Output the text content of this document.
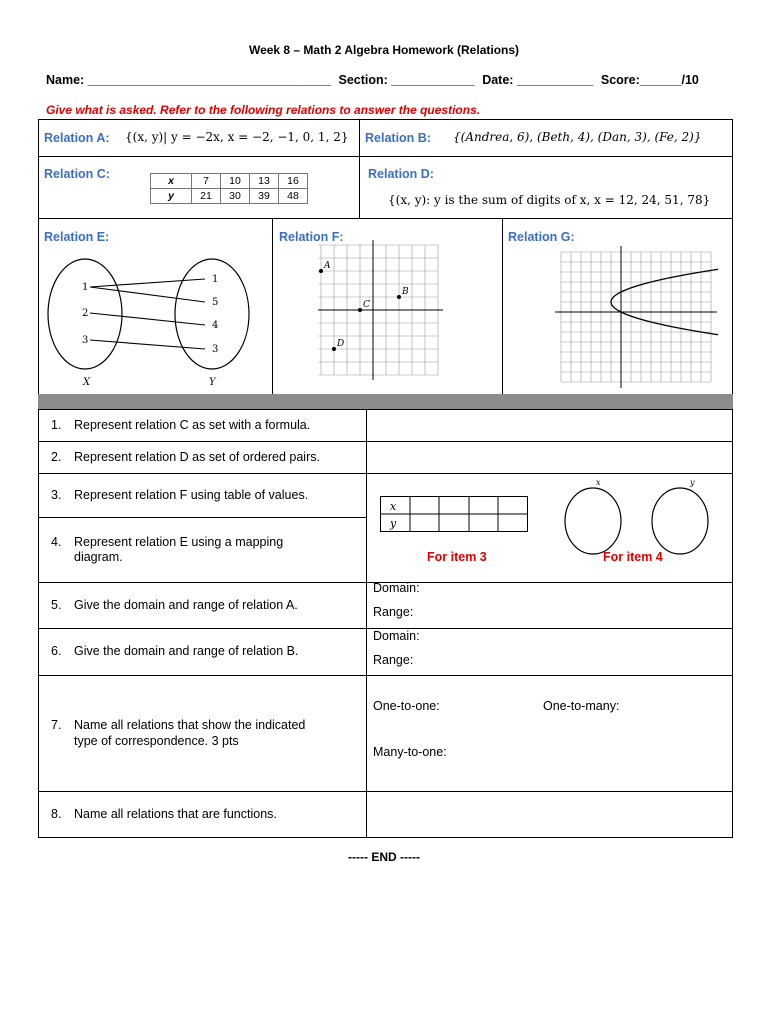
Week 8 – Math 2 Algebra Homework (Relations)
Name: ___________________________________ Section: ____________ Date: ___________ Score:______/10
Give what is asked. Refer to the following relations to answer the questions.
Relation A: {(x, y)| y = −2x, x = −2, −1, 0, 1, 2} Relation B: {(Andrea, 6), (Beth, 4), (Dan, 3), (Fe, 2)}
Relation C:	x	7	10	13	16
y	21	30	39	48
Relation D:
{(x, y): y is the sum of digits of x, x = 12, 24, 51, 78}
Relation E:	Relation F:	Relation G:
1
2
3
1
5
4
3
X	Y
A
B
C
D
1. Represent relation C as set with a formula.
2. Represent relation D as set of ordered pairs.
3. Represent relation F using table of values.
4. Represent relation E using a mapping
diagram.
5. Give the domain and range of relation A.
6. Give the domain and range of relation B.
7. Name all relations that show the indicated
type of correspondence. 3 pts
8. Name all relations that are functions.
x
y
For item 3
x	y
For item 4
Domain:
Range:
Domain:
Range:
One-to-one:	One-to-many:
Many-to-one:
----- END -----
